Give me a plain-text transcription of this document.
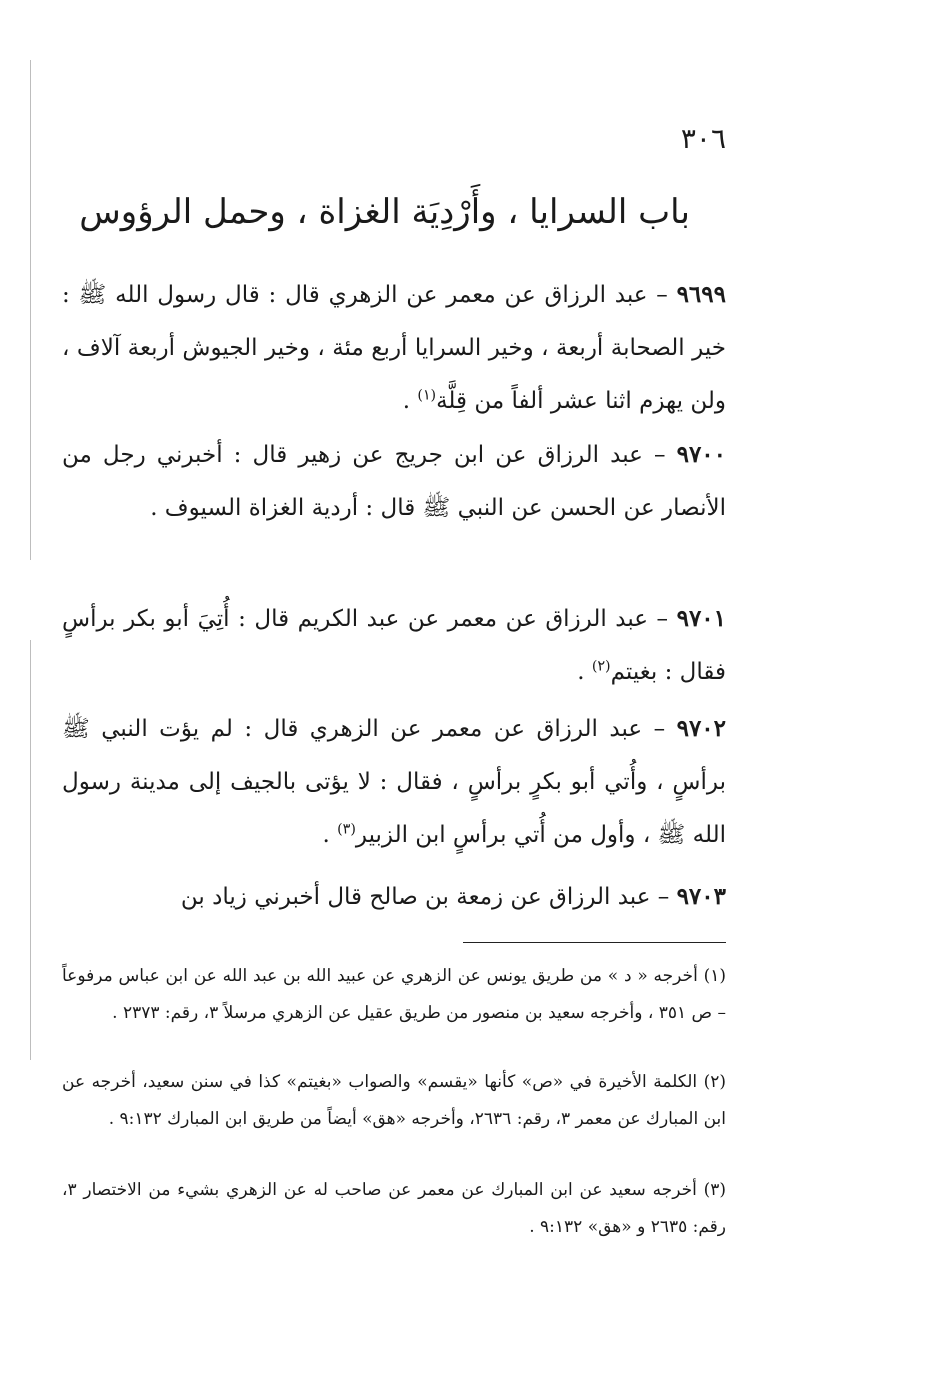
٣٠٦
باب السرايا ، وأَرْدِيَة الغزاة ، وحمل الرؤوس

٩٦٩٩ – عبد الرزاق عن معمر عن الزهري قال : قال رسول الله ﷺ : خير الصحابة أربعة ، وخير السرايا أربع مئة ، وخير الجيوش أربعة آلاف ، ولن يهزم اثنا عشر ألفاً من قِلَّة$^{(١)}$ .

٩٧٠٠ – عبد الرزاق عن ابن جريج عن زهير قال : أخبرني رجل من الأنصار عن الحسن عن النبي ﷺ قال : أردية الغزاة السيوف .

٩٧٠١ – عبد الرزاق عن معمر عن عبد الكريم قال : أُتِيَ أبو بكر برأسٍ فقال : بغيتم$^{(٢)}$ .

٩٧٠٢ – عبد الرزاق عن معمر عن الزهري قال : لم يؤت النبي ﷺ برأسٍ ، وأُتي أبو بكرٍ برأسٍ ، فقال : لا يؤتى بالجيف إلى مدينة رسول الله ﷺ ، وأول من أُتي برأسٍ ابن الزبير$^{(٣)}$ .

٩٧٠٣ – عبد الرزاق عن زمعة بن صالح قال أخبرني زياد بن

(١) أخرجه « د » من طريق يونس عن الزهري عن عبيد الله بن عبد الله عن ابن عباس مرفوعاً – ص ٣٥١ ، وأخرجه سعيد بن منصور من طريق عقيل عن الزهري مرسلاً ٣، رقم: ٢٣٧٣ .

(٢) الكلمة الأخيرة في «ص» كأنها «يقسم» والصواب «بغيتم» كذا في سنن سعيد، أخرجه عن ابن المبارك عن معمر ٣، رقم: ٢٦٣٦، وأخرجه «هق» أيضاً من طريق ابن المبارك ٩:١٣٢ .

(٣) أخرجه سعيد عن ابن المبارك عن معمر عن صاحب له عن الزهري بشيء من الاختصار ٣، رقم: ٢٦٣٥ و «هق» ٩:١٣٢ .
